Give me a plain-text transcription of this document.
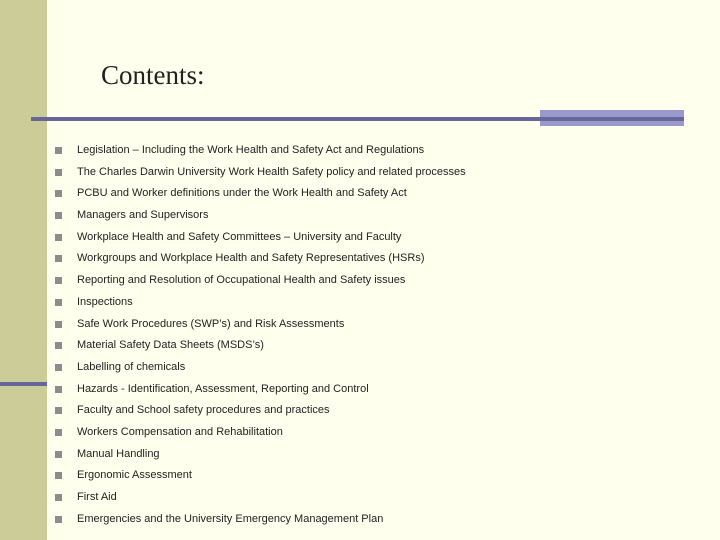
Contents:
Legislation – Including the Work Health and Safety Act and Regulations
The Charles Darwin University Work Health Safety policy and related processes
PCBU and Worker definitions under the Work Health and Safety Act
Managers and Supervisors
Workplace Health and Safety Committees – University and Faculty
Workgroups and Workplace Health and Safety Representatives (HSRs)
Reporting and Resolution of Occupational Health and Safety issues
Inspections
Safe Work Procedures (SWP’s) and Risk Assessments
Material Safety Data Sheets (MSDS’s)
Labelling of chemicals
Hazards - Identification, Assessment, Reporting and Control
Faculty and School safety procedures and practices
Workers Compensation and Rehabilitation
Manual Handling
Ergonomic Assessment
First Aid
Emergencies and the University Emergency Management Plan
